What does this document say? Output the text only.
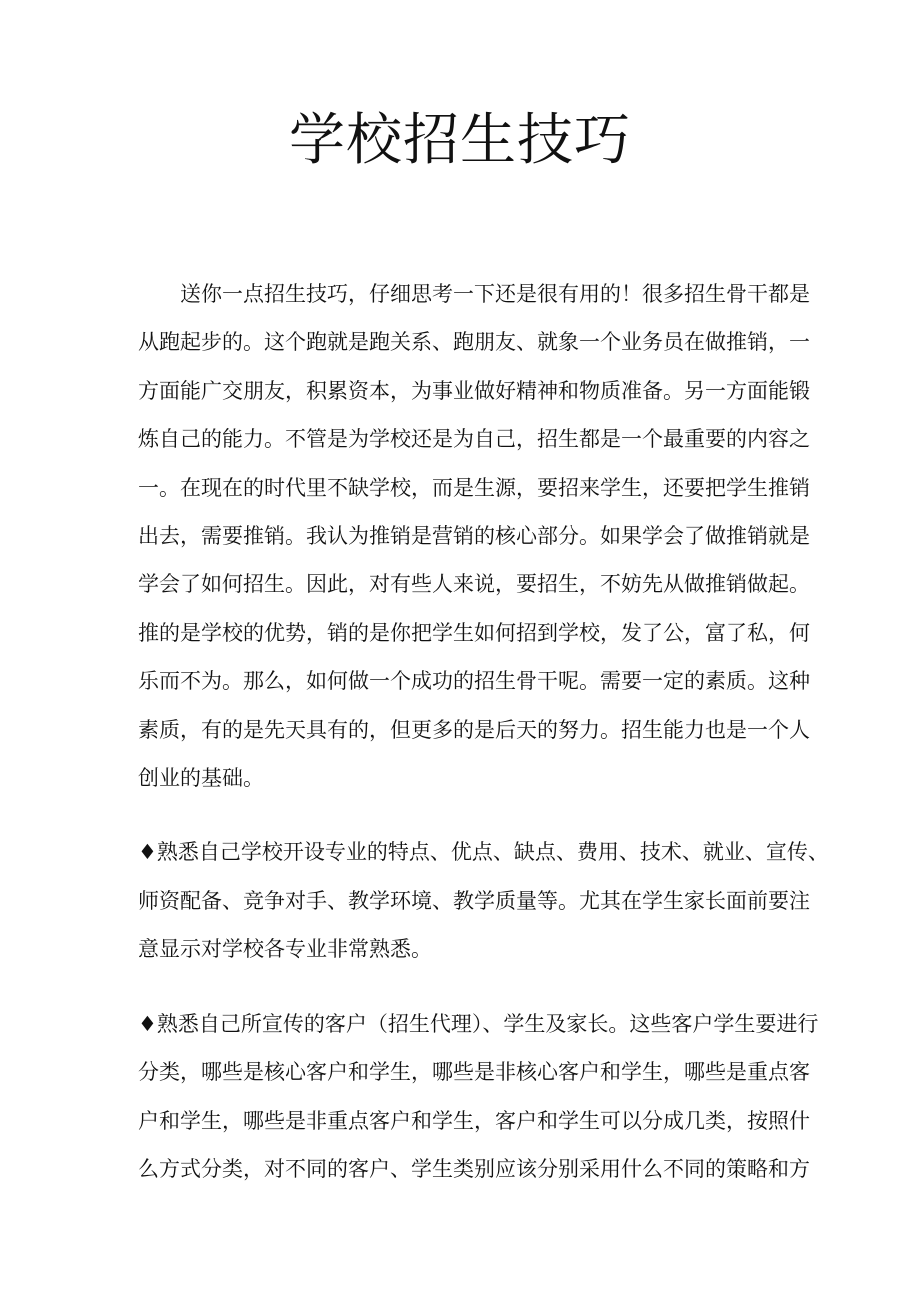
学校招生技巧
送你一点招生技巧，仔细思考一下还是很有用的！很多招生骨干都是
从跑起步的。这个跑就是跑关系、跑朋友、就象一个业务员在做推销，一
方面能广交朋友，积累资本，为事业做好精神和物质准备。另一方面能锻
炼自己的能力。不管是为学校还是为自己，招生都是一个最重要的内容之
一。在现在的时代里不缺学校，而是生源，要招来学生，还要把学生推销
出去，需要推销。我认为推销是营销的核心部分。如果学会了做推销就是
学会了如何招生。因此，对有些人来说，要招生，不妨先从做推销做起。
推的是学校的优势，销的是你把学生如何招到学校，发了公，富了私，何
乐而不为。那么，如何做一个成功的招生骨干呢。需要一定的素质。这种
素质，有的是先天具有的，但更多的是后天的努力。招生能力也是一个人
创业的基础。
♦熟悉自己学校开设专业的特点、优点、缺点、费用、技术、就业、宣传、
师资配备、竞争对手、教学环境、教学质量等。尤其在学生家长面前要注
意显示对学校各专业非常熟悉。
♦熟悉自己所宣传的客户（招生代理）、学生及家长。这些客户学生要进行
分类，哪些是核心客户和学生，哪些是非核心客户和学生，哪些是重点客
户和学生，哪些是非重点客户和学生，客户和学生可以分成几类，按照什
么方式分类，对不同的客户、学生类别应该分别采用什么不同的策略和方
